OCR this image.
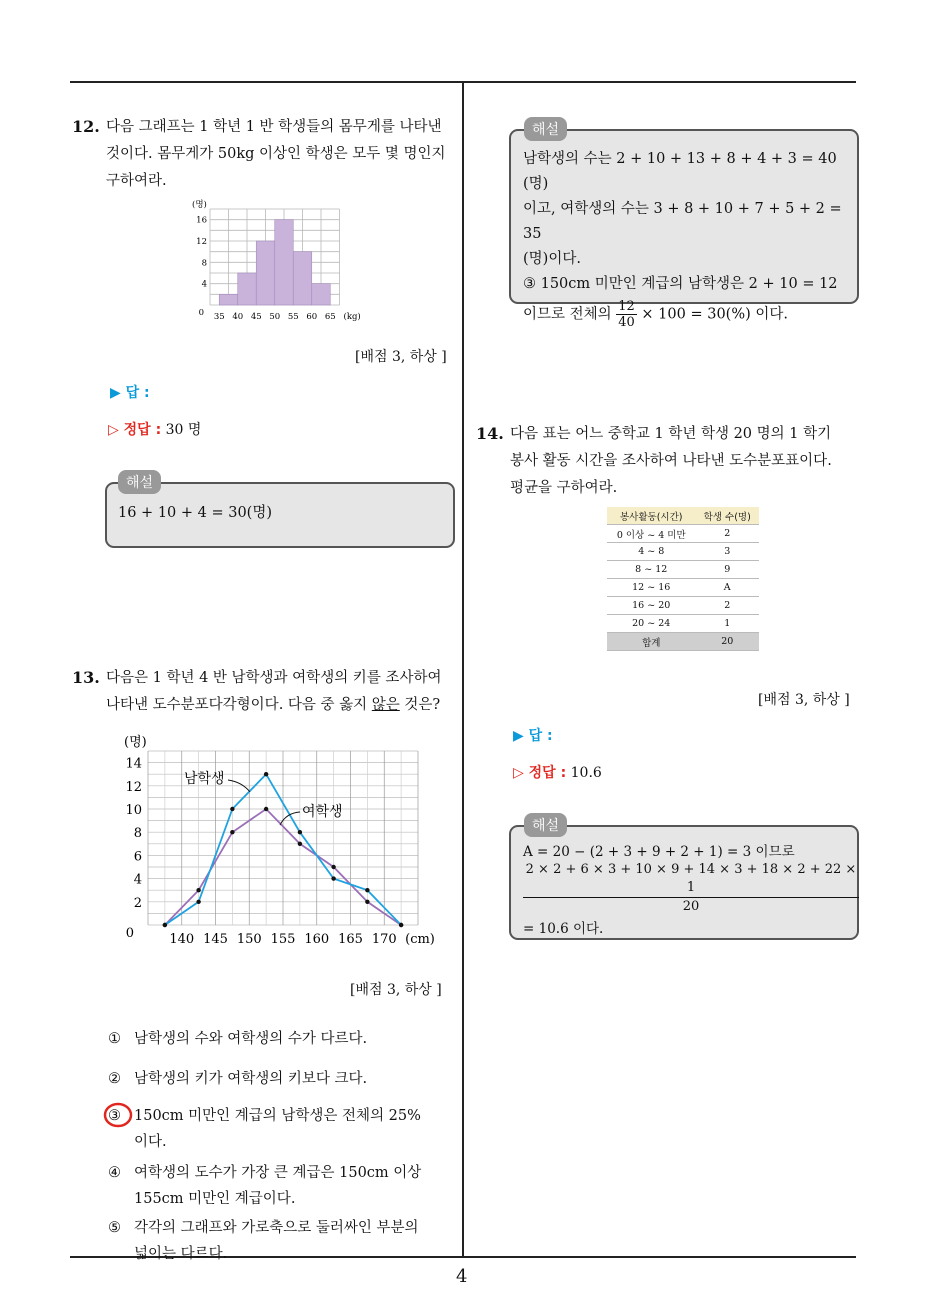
4
12. 다음 그래프는 1 학년 1 반 학생들의 몸무게를 나타낸
것이다. 몸무게가 50kg 이상인 학생은 모두 몇 명인지
구하여라.
0
4
8
12
16
(명)
35 40 45 50 55 60 65 (kg)
[배점 3, 하상 ]
▶ 답 :
▷ 정답 : 30 명
해설
16 + 10 + 4 = 30(명)
13. 다음은 1 학년 4 반 남학생과 여학생의 키를 조사하여
나타낸 도수분포다각형이다. 다음 중 옳지 않은 것은?
0
2
4
6
8
10
12
14
(명)
140 145 150 155 160 165 170 (cm)
남학생
여학생
[배점 3, 하상 ]
① 남학생의 수와 여학생의 수가 다르다.
② 남학생의 키가 여학생의 키보다 크다.
③ 150cm 미만인 계급의 남학생은 전체의 25%
이다.
④ 여학생의 도수가 가장 큰 계급은 150cm 이상
155cm 미만인 계급이다.
⑤ 각각의 그래프와 가로축으로 둘러싸인 부분의
넓이는 다르다.
해설
남학생의 수는 2 + 10 + 13 + 8 + 4 + 3 = 40 (명)
이고, 여학생의 수는 3 + 8 + 10 + 7 + 5 + 2 = 35
(명)이다.
③ 150cm 미만인 계급의 남학생은 2 + 10 = 12
이므로 전체의 $\frac{12}{40} \times 100 = 30(\%)$ 이다.
14. 다음 표는 어느 중학교 1 학년 학생 20 명의 1 학기
봉사 활동 시간을 조사하여 나타낸 도수분포표이다.
평균을 구하여라.
봉사활동(시간)	학생 수(명)
0 이상 ~ 4 미만	2
4 ~ 8	3
8 ~ 12	9
12 ~ 16	A
16 ~ 20	2
20 ~ 24	1
합계	20
[배점 3, 하상 ]
▶ 답 :
▷ 정답 : 10.6
해설
A = 20 − (2 + 3 + 9 + 2 + 1) = 3 이므로
2 × 2 + 6 × 3 + 10 × 9 + 14 × 3 + 18 × 2 + 22 × 1
20
= 10.6 이다.
